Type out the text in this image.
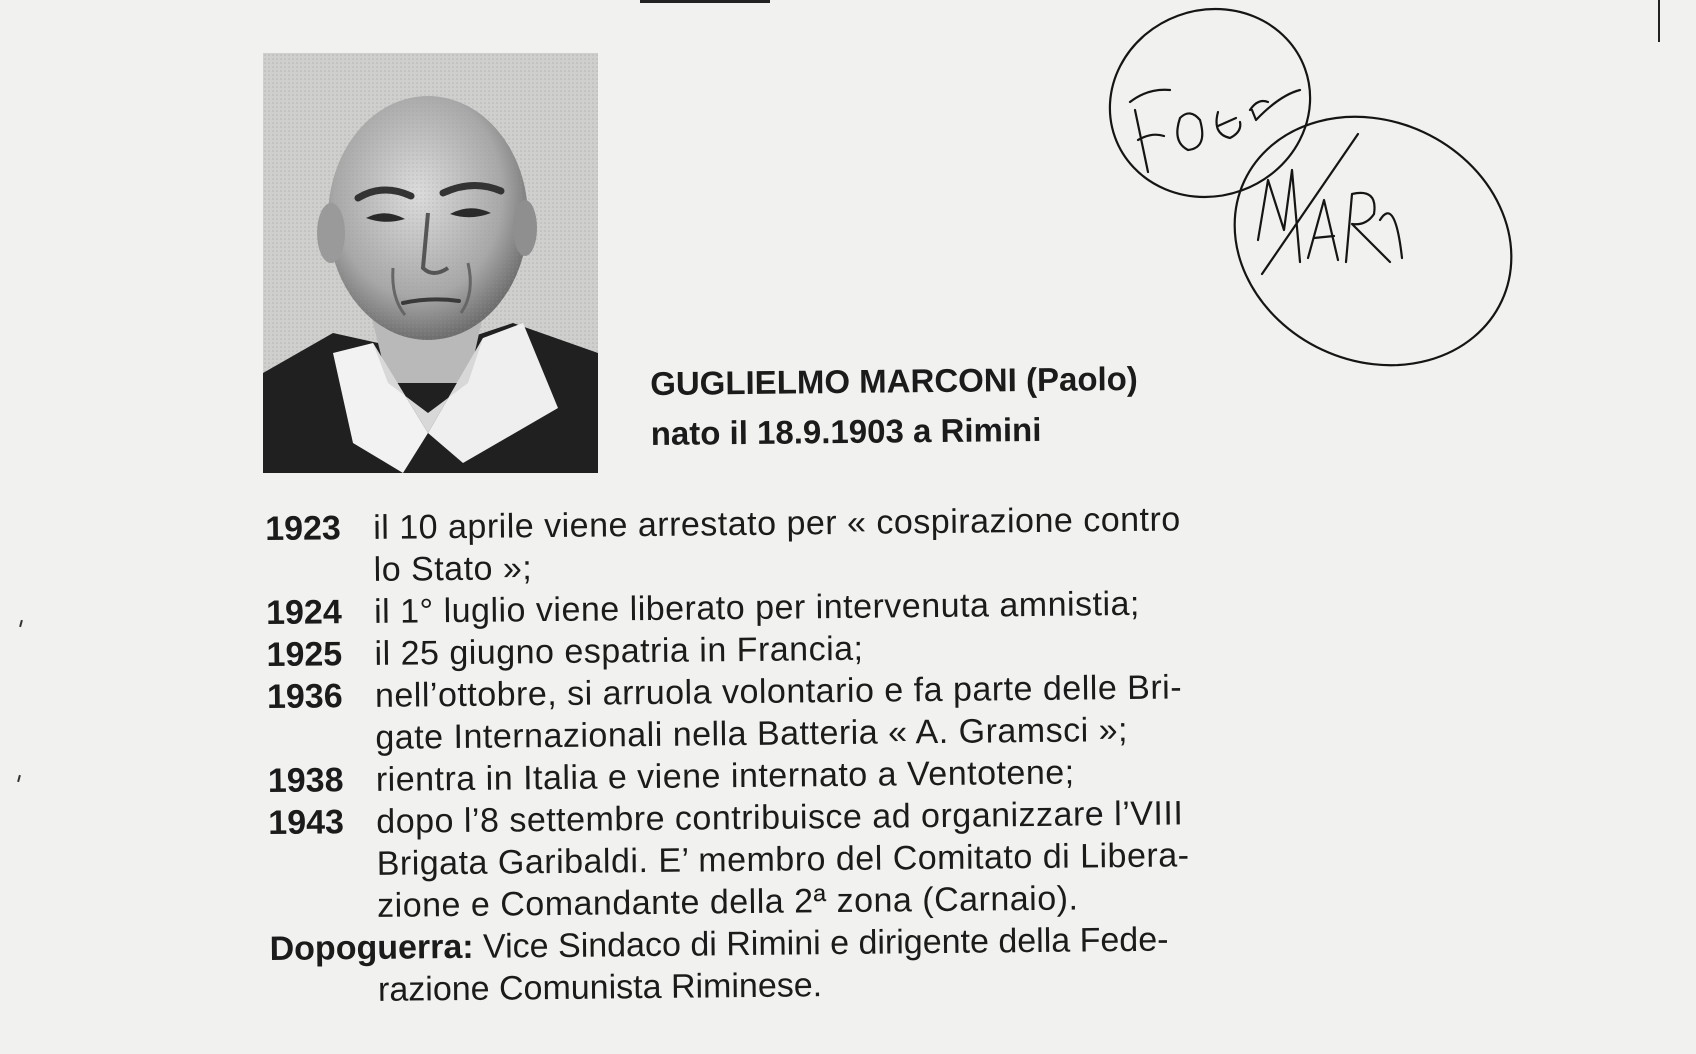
GUGLIELMO MARCONI (Paolo)
nato il 18.9.1903 a Rimini
1923 il 10 aprile viene arrestato per « cospirazione contro
lo Stato »;
1924 il 1° luglio viene liberato per intervenuta amnistia;
1925 il 25 giugno espatria in Francia;
1936 nell’ottobre, si arruola volontario e fa parte delle Bri-
gate Internazionali nella Batteria « A. Gramsci »;
1938 rientra in Italia e viene internato a Ventotene;
1943 dopo l’8 settembre contribuisce ad organizzare l’VIII
Brigata Garibaldi. E’ membro del Comitato di Libera-
zione e Comandante della 2ª zona (Carnaio).
Dopoguerra: Vice Sindaco di Rimini e dirigente della Fede-
razione Comunista Riminese.
